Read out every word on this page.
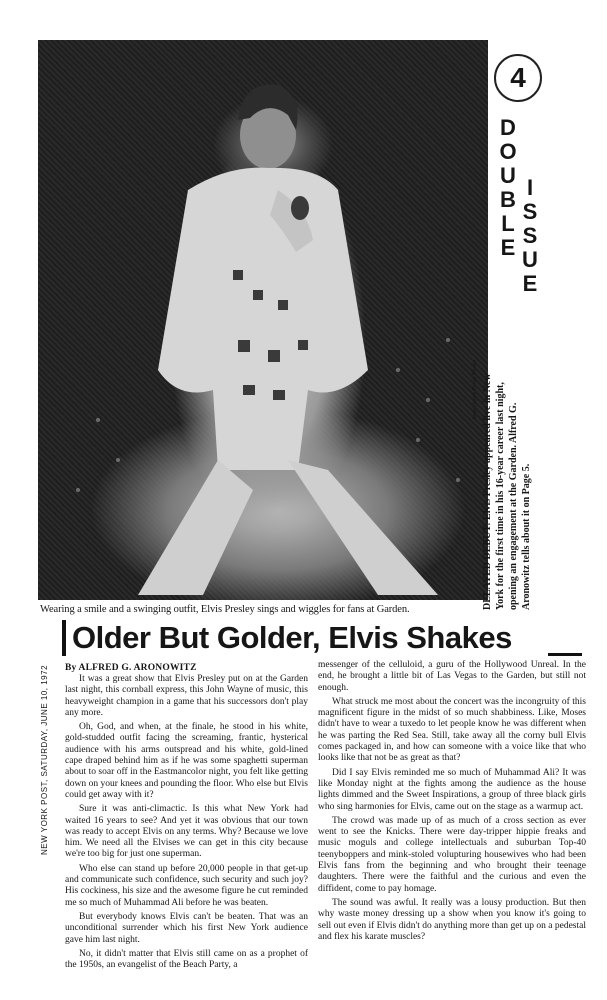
Wearing a smile and a swinging outfit, Elvis Presley sings and wiggles for fans at Garden.
4
DOUBLE
ISSUE
Associated Press Photo DELAYED DEBUT: Elvis Presley appeared live in New York for the first time in his 16-year career last night, opening an engagement at the Garden. Alfred G. Aronowitz tells about it on Page 5.
Older But Golder, Elvis Shakes
NEW YORK POST, SATURDAY, JUNE 10, 1972 By ALFRED G. ARONOWITZ

It was a great show that Elvis Presley put on at the Garden last night, this cornball express, this John Wayne of music, this heavyweight champion in a game that his successors don't play any more.

Oh, God, and when, at the finale, he stood in his white, gold-studded outfit facing the screaming, frantic, hysterical audience with his arms outspread and his white, gold-lined cape draped behind him as if he was some spaghetti superman about to soar off in the Eastmancolor night, you felt like getting down on your knees and pounding the floor. Who else but Elvis could get away with it?

Sure it was anti-climactic. Is this what New York had waited 16 years to see? And yet it was obvious that our town was ready to accept Elvis on any terms. Why? Because we love him. We need all the Elvises we can get in this city because we're too big for just one superman.

Who else can stand up before 20,000 people in that get-up and communicate such confidence, such security and such joy? His cockiness, his size and the awesome figure he cut reminded me so much of Muhammad Ali before he was beaten.

But everybody knows Elvis can't be beaten. That was an unconditional surrender which his first New York audience gave him last night.

No, it didn't matter that Elvis still came on as a prophet of the 1950s, an evangelist of the Beach Party, a

messenger of the celluloid, a guru of the Hollywood Unreal. In the end, he brought a little bit of Las Vegas to the Garden, but still not enough.

What struck me most about the concert was the incongruity of this magnificent figure in the midst of so much shabbiness. Like, Moses didn't have to wear a tuxedo to let people know he was different when he was parting the Red Sea. Still, take away all the corny bull Elvis comes packaged in, and how can someone with a voice like that who looks like that not be as great as that?

Did I say Elvis reminded me so much of Muhammad Ali? It was like Monday night at the fights among the audience as the house lights dimmed and the Sweet Inspirations, a group of three black girls who sing harmonies for Elvis, came out on the stage as a warmup act.

The crowd was made up of as much of a cross section as ever went to see the Knicks. There were day-tripper hippie freaks and music moguls and college intellectuals and suburban Top-40 teenyboppers and mink-stoled volupturing housewives who had been Elvis fans from the beginning and who brought their teenage daughters. There were the faithful and the curious and even the diffident, come to pay homage.

The sound was awful. It really was a lousy production. But then why waste money dressing up a show when you know it's going to sell out even if Elvis didn't do anything more than get up on a pedestal and flex his karate muscles?
